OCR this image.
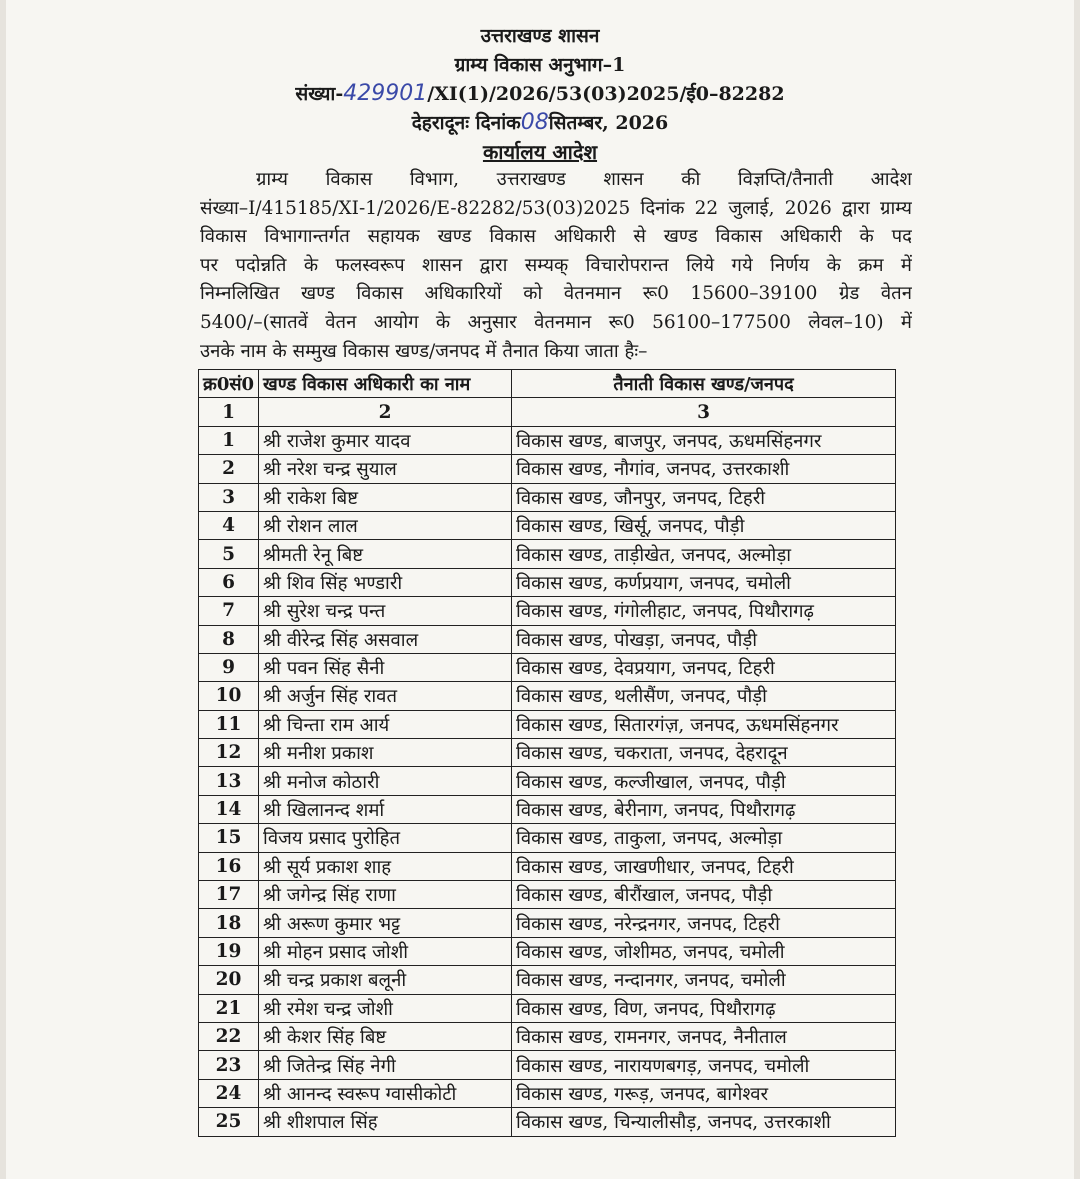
उत्तराखण्ड शासन
ग्राम्य विकास अनुभाग–1
संख्या-429901/XI(1)/2026/53(03)2025/ई0–82282
देहरादूनः दिनांक08सितम्बर, 2026
कार्यालय आदेश
ग्राम्य विकास विभाग, उत्तराखण्ड शासन की विज्ञप्ति/तैनाती आदेश
संख्या–I/415185/XI-1/2026/E-82282/53(03)2025 दिनांक 22 जुलाई, 2026 द्वारा ग्राम्य
विकास विभागान्तर्गत सहायक खण्ड विकास अधिकारी से खण्ड विकास अधिकारी के पद
पर पदोन्नति के फलस्वरूप शासन द्वारा सम्यक् विचारोपरान्त लिये गये निर्णय के क्रम में
निम्नलिखित खण्ड विकास अधिकारियों को वेतनमान रू0 15600–39100 ग्रेड वेतन
5400/–(सातवें वेतन आयोग के अनुसार वेतनमान रू0 56100–177500 लेवल–10) में
उनके नाम के सम्मुख विकास खण्ड/जनपद में तैनात किया जाता हैः–
क्र0सं0	खण्ड विकास अधिकारी का नाम	तैनाती विकास खण्ड/जनपद
1	2	3
1	श्री राजेश कुमार यादव	विकास खण्ड, बाजपुर, जनपद, ऊधमसिंहनगर
2	श्री नरेश चन्द्र सुयाल	विकास खण्ड, नौगांव, जनपद, उत्तरकाशी
3	श्री राकेश बिष्ट	विकास खण्ड, जौनपुर, जनपद, टिहरी
4	श्री रोशन लाल	विकास खण्ड, खिर्सू, जनपद, पौड़ी
5	श्रीमती रेनू बिष्ट	विकास खण्ड, ताड़ीखेत, जनपद, अल्मोड़ा
6	श्री शिव सिंह भण्डारी	विकास खण्ड, कर्णप्रयाग, जनपद, चमोली
7	श्री सुरेश चन्द्र पन्त	विकास खण्ड, गंगोलीहाट, जनपद, पिथौरागढ़
8	श्री वीरेन्द्र सिंह असवाल	विकास खण्ड, पोखड़ा, जनपद, पौड़ी
9	श्री पवन सिंह सैनी	विकास खण्ड, देवप्रयाग, जनपद, टिहरी
10	श्री अर्जुन सिंह रावत	विकास खण्ड, थलीसैंण, जनपद, पौड़ी
11	श्री चिन्ता राम आर्य	विकास खण्ड, सितारगंज़, जनपद, ऊधमसिंहनगर
12	श्री मनीश प्रकाश	विकास खण्ड, चकराता, जनपद, देहरादून
13	श्री मनोज कोठारी	विकास खण्ड, कल्जीखाल, जनपद, पौड़ी
14	श्री खिलानन्द शर्मा	विकास खण्ड, बेरीनाग, जनपद, पिथौरागढ़
15	विजय प्रसाद पुरोहित	विकास खण्ड, ताकुला, जनपद, अल्मोड़ा
16	श्री सूर्य प्रकाश शाह	विकास खण्ड, जाखणीधार, जनपद, टिहरी
17	श्री जगेन्द्र सिंह राणा	विकास खण्ड, बीरौंखाल, जनपद, पौड़ी
18	श्री अरूण कुमार भट्ट	विकास खण्ड, नरेन्द्रनगर, जनपद, टिहरी
19	श्री मोहन प्रसाद जोशी	विकास खण्ड, जोशीमठ, जनपद, चमोली
20	श्री चन्द्र प्रकाश बलूनी	विकास खण्ड, नन्दानगर, जनपद, चमोली
21	श्री रमेश चन्द्र जोशी	विकास खण्ड, विण, जनपद, पिथौरागढ़
22	श्री केशर सिंह बिष्ट	विकास खण्ड, रामनगर, जनपद, नैनीताल
23	श्री जितेन्द्र सिंह नेगी	विकास खण्ड, नारायणबगड़, जनपद, चमोली
24	श्री आनन्द स्वरूप ग्वासीकोटी	विकास खण्ड, गरूड़, जनपद, बागेश्वर
25	श्री शीशपाल सिंह	विकास खण्ड, चिन्यालीसौड़, जनपद, उत्तरकाशी
